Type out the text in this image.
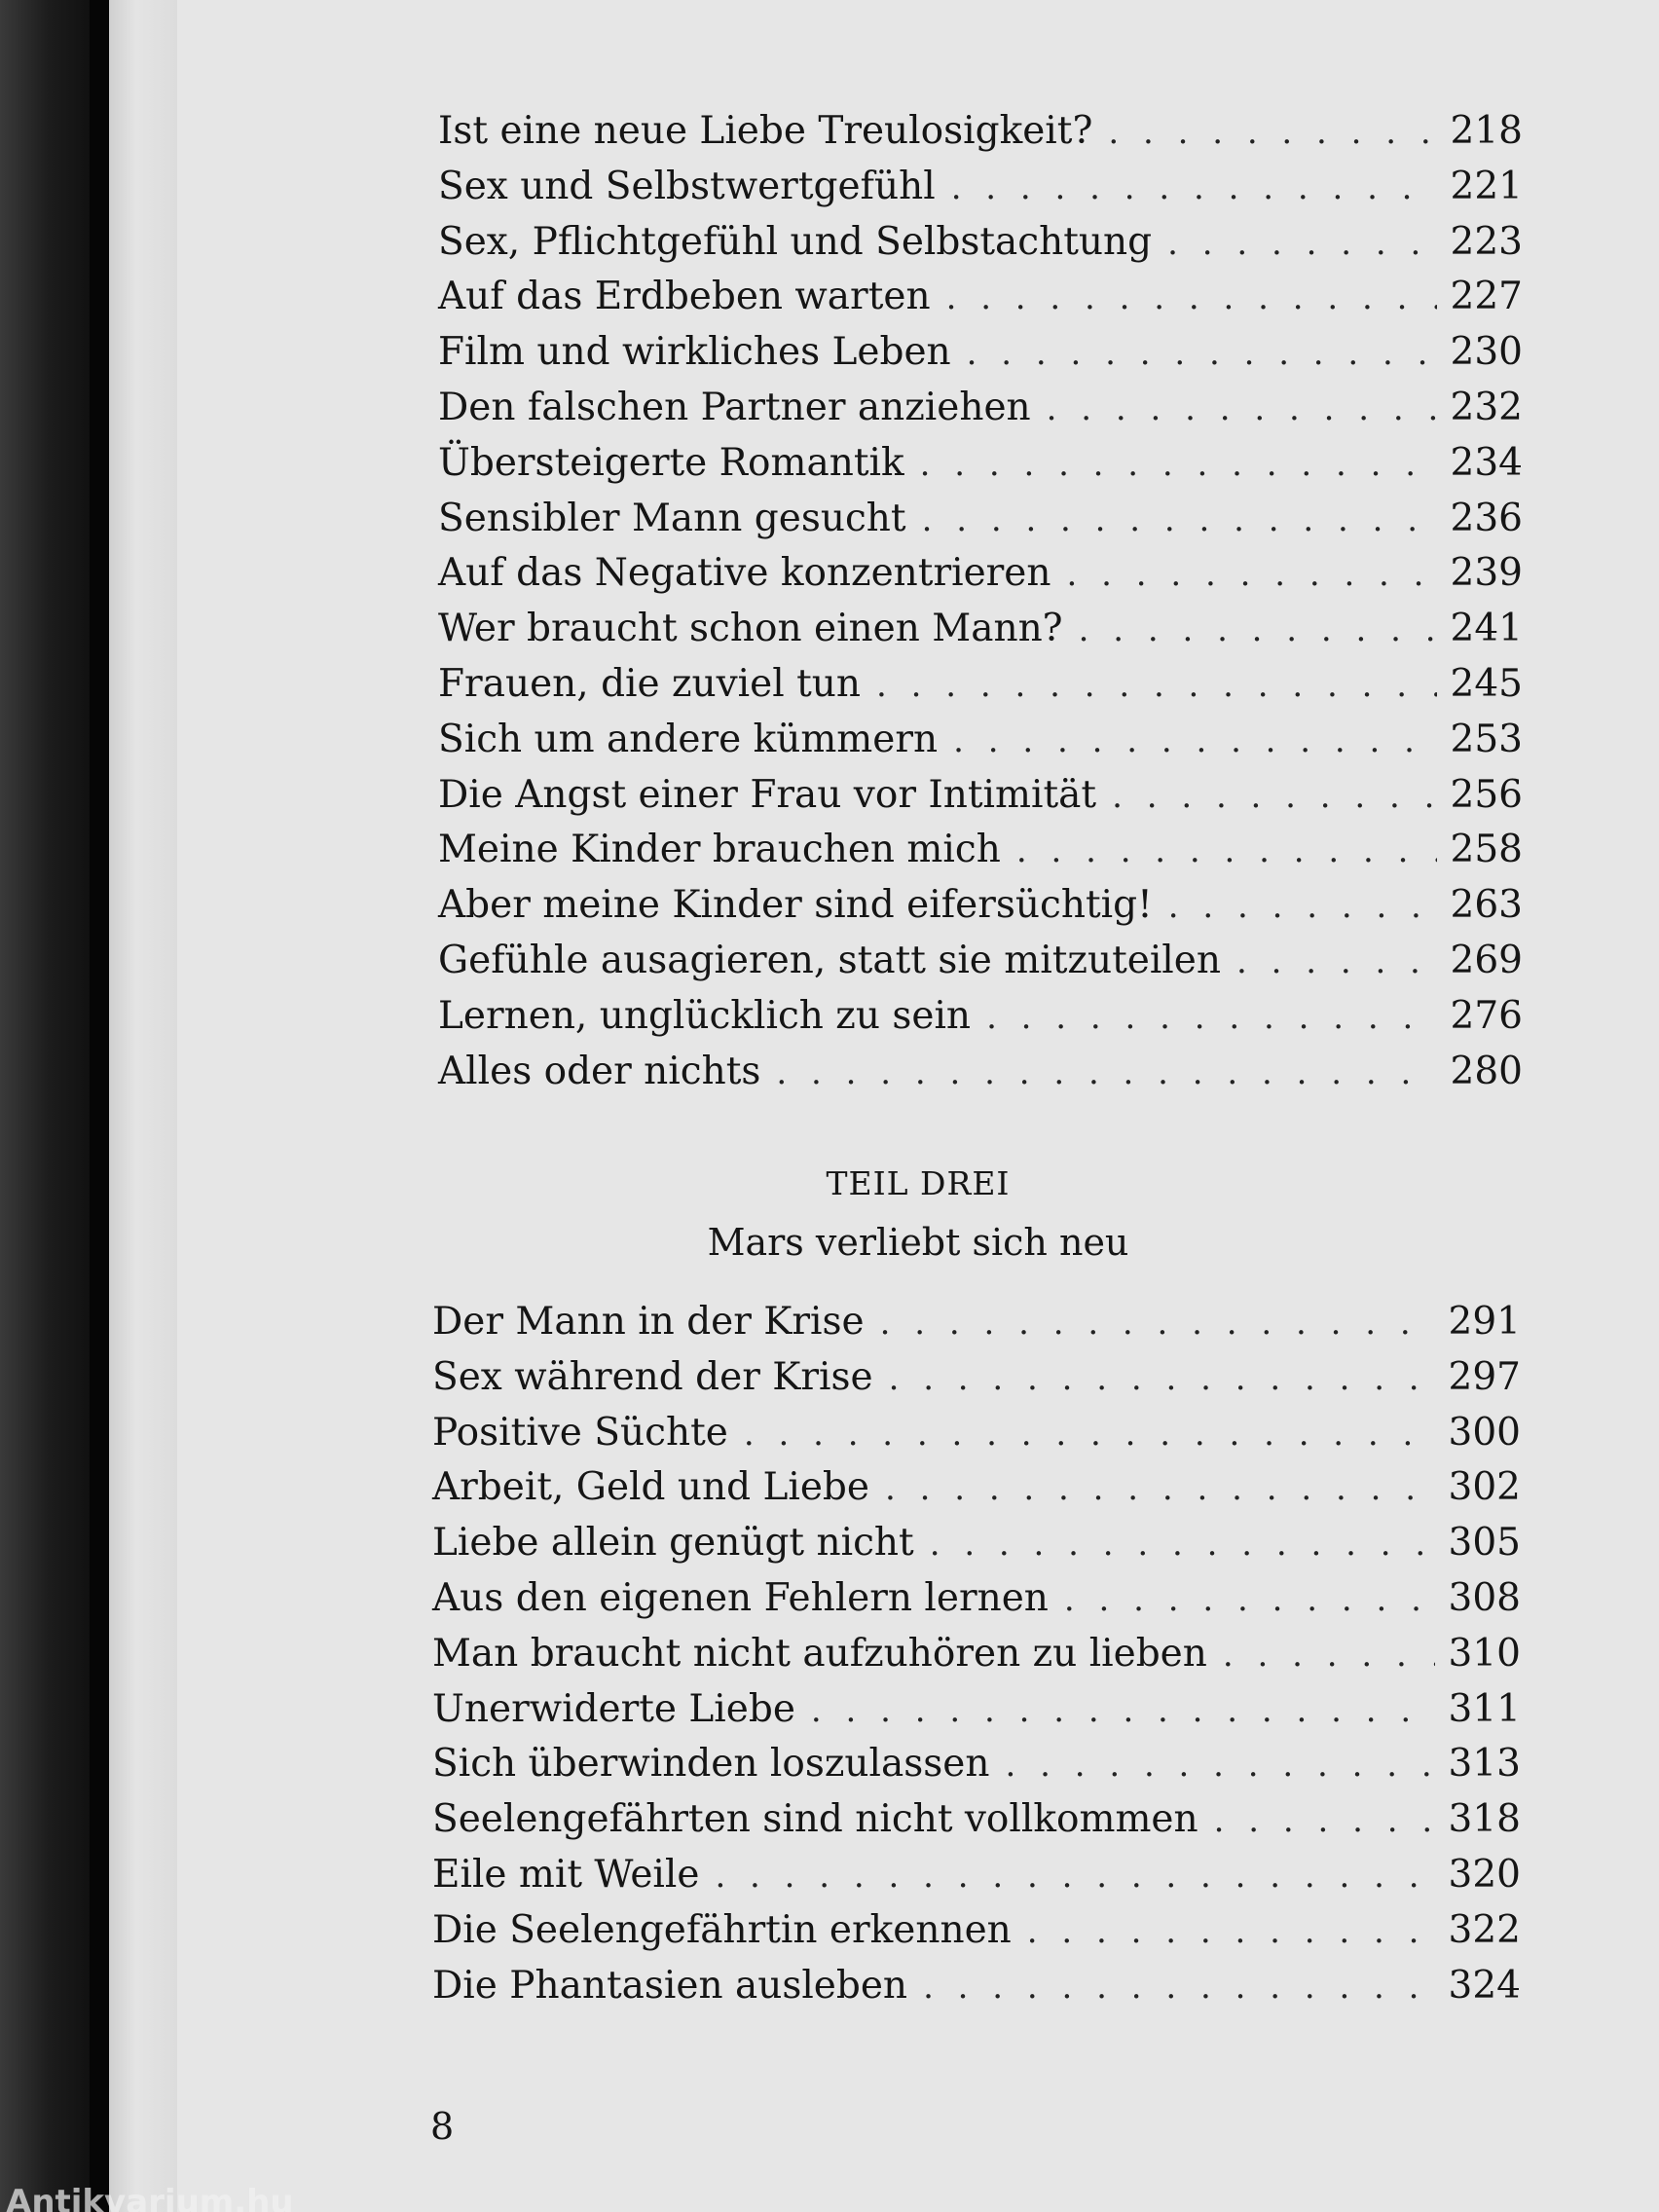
Ist eine neue Liebe Treulosigkeit? . . .	218
Sex und Selbstwertgefühl . . .	221
Sex, Pflichtgefühl und Selbstachtung . . .	223
Auf das Erdbeben warten . . .	227
Film und wirkliches Leben . . .	230
Den falschen Partner anziehen . . .	232
Übersteigerte Romantik . . .	234
Sensibler Mann gesucht . . .	236
Auf das Negative konzentrieren . . .	239
Wer braucht schon einen Mann? . . .	241
Frauen, die zuviel tun . . .	245
Sich um andere kümmern . . .	253
Die Angst einer Frau vor Intimität . . .	256
Meine Kinder brauchen mich . . .	258
Aber meine Kinder sind eifersüchtig! . . .	263
Gefühle ausagieren, statt sie mitzuteilen . . .	269
Lernen, unglücklich zu sein . . .	276
Alles oder nichts . . .	280
TEIL DREI
Mars verliebt sich neu
Der Mann in der Krise . . .	291
Sex während der Krise . . .	297
Positive Süchte . . .	300
Arbeit, Geld und Liebe . . .	302
Liebe allein genügt nicht . . .	305
Aus den eigenen Fehlern lernen . . .	308
Man braucht nicht aufzuhören zu lieben . . .	310
Unerwiderte Liebe . . .	311
Sich überwinden loszulassen . . .	313
Seelengefährten sind nicht vollkommen . . .	318
Eile mit Weile . . .	320
Die Seelengefährtin erkennen . . .	322
Die Phantasien ausleben . . .	324
8
Antikvarium.hu
